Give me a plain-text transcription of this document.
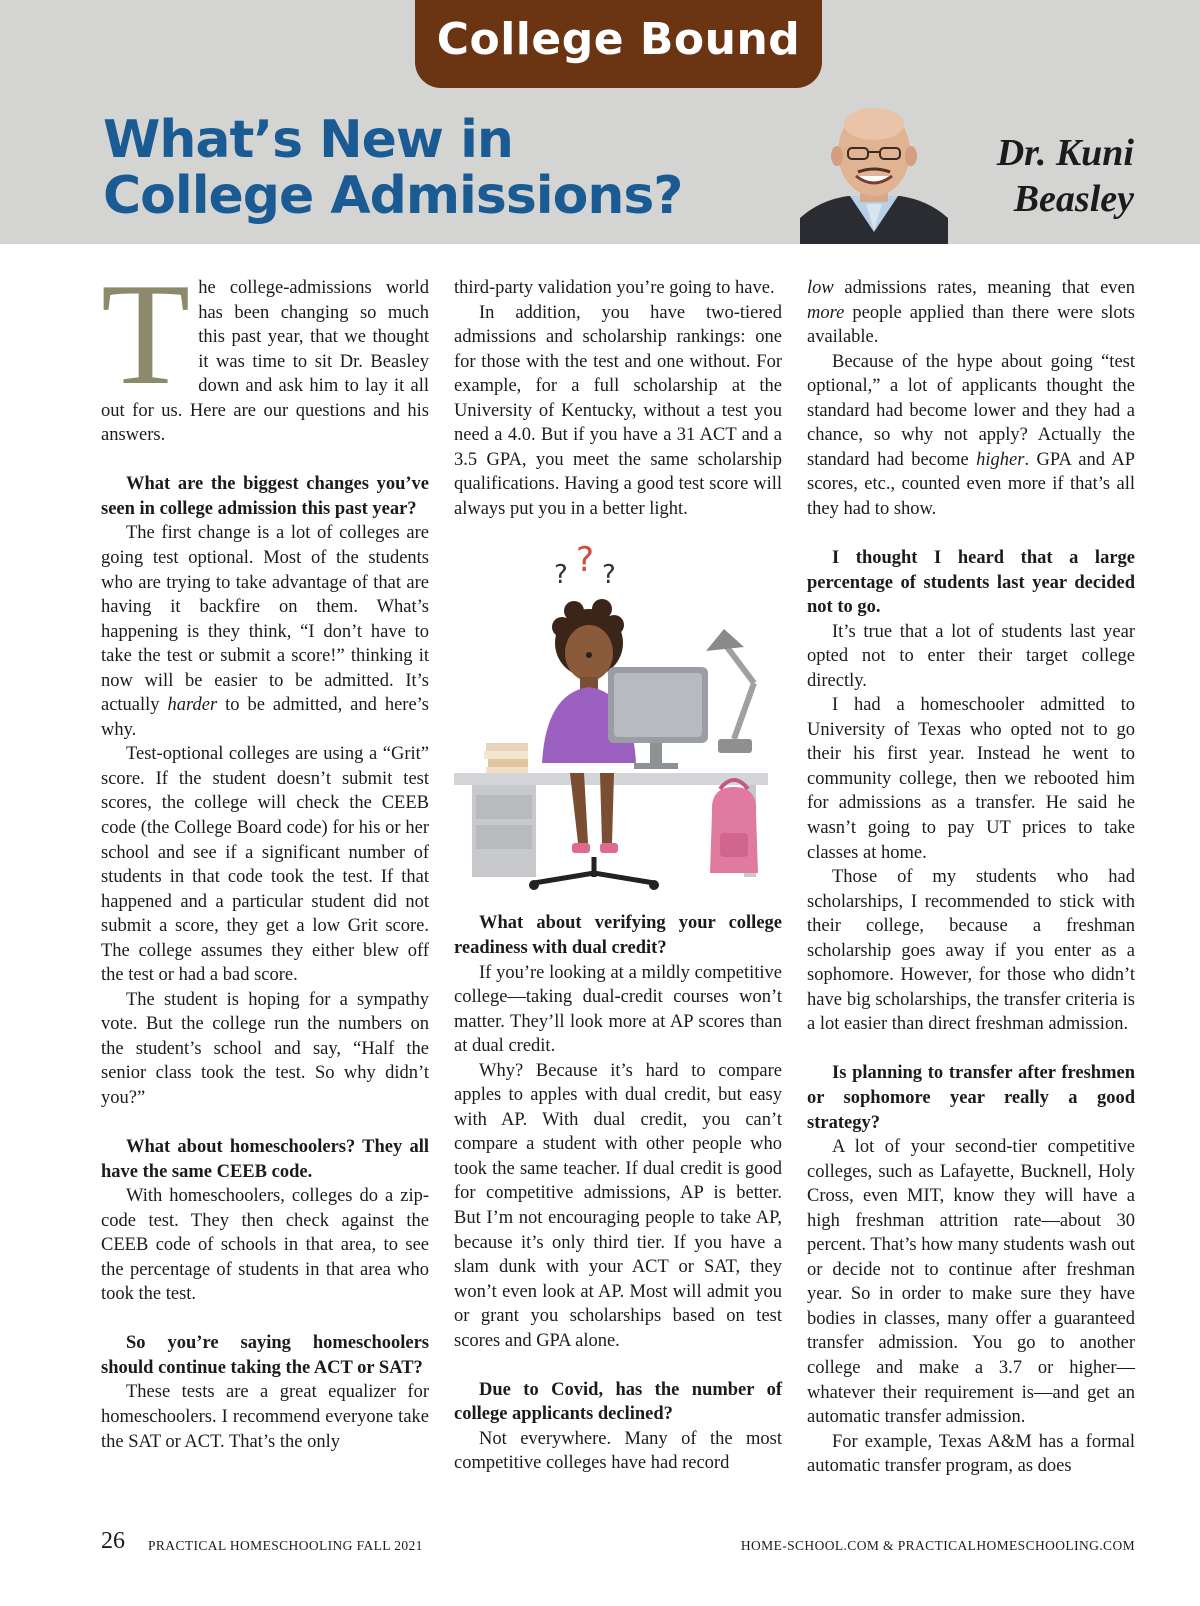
College Bound
What’s New in
College Admissions?
Dr. Kuni
Beasley

The college-admissions world has been changing so much this past year, that we thought it was time to sit Dr. Beasley down and ask him to lay it all out for us. Here are our questions and his answers.

What are the biggest changes you’ve seen in college admission this past year?

The first change is a lot of colleges are going test optional. Most of the students who are trying to take advantage of that are having it backfire on them. What’s happening is they think, “I don’t have to take the test or submit a score!” thinking it now will be easier to be admitted. It’s actually harder to be admitted, and here’s why.

Test-optional colleges are using a “Grit” score. If the student doesn’t submit test scores, the college will check the CEEB code (the College Board code) for his or her school and see if a significant number of students in that code took the test. If that happened and a particular student did not submit a score, they get a low Grit score. The college assumes they either blew off the test or had a bad score.

The student is hoping for a sympathy vote. But the college run the numbers on the student’s school and say, “Half the senior class took the test. So why didn’t you?”

What about homeschoolers? They all have the same CEEB code.

With homeschoolers, colleges do a zip-code test. They then check against the CEEB code of schools in that area, to see the percentage of students in that area who took the test.

So you’re saying homeschoolers should continue taking the ACT or SAT?

These tests are a great equalizer for homeschoolers. I recommend everyone take the SAT or ACT. That’s the only

third-party validation you’re going to have.

In addition, you have two-tiered admissions and scholarship rankings: one for those with the test and one without. For example, for a full scholarship at the University of Kentucky, without a test you need a 4.0. But if you have a 31 ACT and a 3.5 GPA, you meet the same scholarship qualifications. Having a good test score will always put you in a better light.

? ? ?

What about verifying your college readiness with dual credit?

If you’re looking at a mildly competitive college—taking dual-credit courses won’t matter. They’ll look more at AP scores than at dual credit.

Why? Because it’s hard to compare apples to apples with dual credit, but easy with AP. With dual credit, you can’t compare a student with other people who took the same teacher. If dual credit is good for competitive admissions, AP is better. But I’m not encouraging people to take AP, because it’s only third tier. If you have a slam dunk with your ACT or SAT, they won’t even look at AP. Most will admit you or grant you scholarships based on test scores and GPA alone.

Due to Covid, has the number of college applicants declined?

Not everywhere. Many of the most competitive colleges have had record

low admissions rates, meaning that even more people applied than there were slots available.

Because of the hype about going “test optional,” a lot of applicants thought the standard had become lower and they had a chance, so why not apply? Actually the standard had become higher. GPA and AP scores, etc., counted even more if that’s all they had to show.

I thought I heard that a large percentage of students last year decided not to go.

It’s true that a lot of students last year opted not to enter their target college directly.

I had a homeschooler admitted to University of Texas who opted not to go their his first year. Instead he went to community college, then we rebooted him for admissions as a transfer. He said he wasn’t going to pay UT prices to take classes at home.

Those of my students who had scholarships, I recommended to stick with their college, because a freshman scholarship goes away if you enter as a sophomore. However, for those who didn’t have big scholarships, the transfer criteria is a lot easier than direct freshman admission.

Is planning to transfer after freshmen or sophomore year really a good strategy?

A lot of your second-tier competitive colleges, such as Lafayette, Bucknell, Holy Cross, even MIT, know they will have a high freshman attrition rate—about 30 percent. That’s how many students wash out or decide not to continue after freshman year. So in order to make sure they have bodies in classes, many offer a guaranteed transfer admission. You go to another college and make a 3.7 or higher—whatever their requirement is—and get an automatic transfer admission.

For example, Texas A&M has a formal automatic transfer program, as does

26 PRACTICAL HOMESCHOOLING FALL 2021	HOME-SCHOOL.COM & PRACTICALHOMESCHOOLING.COM
